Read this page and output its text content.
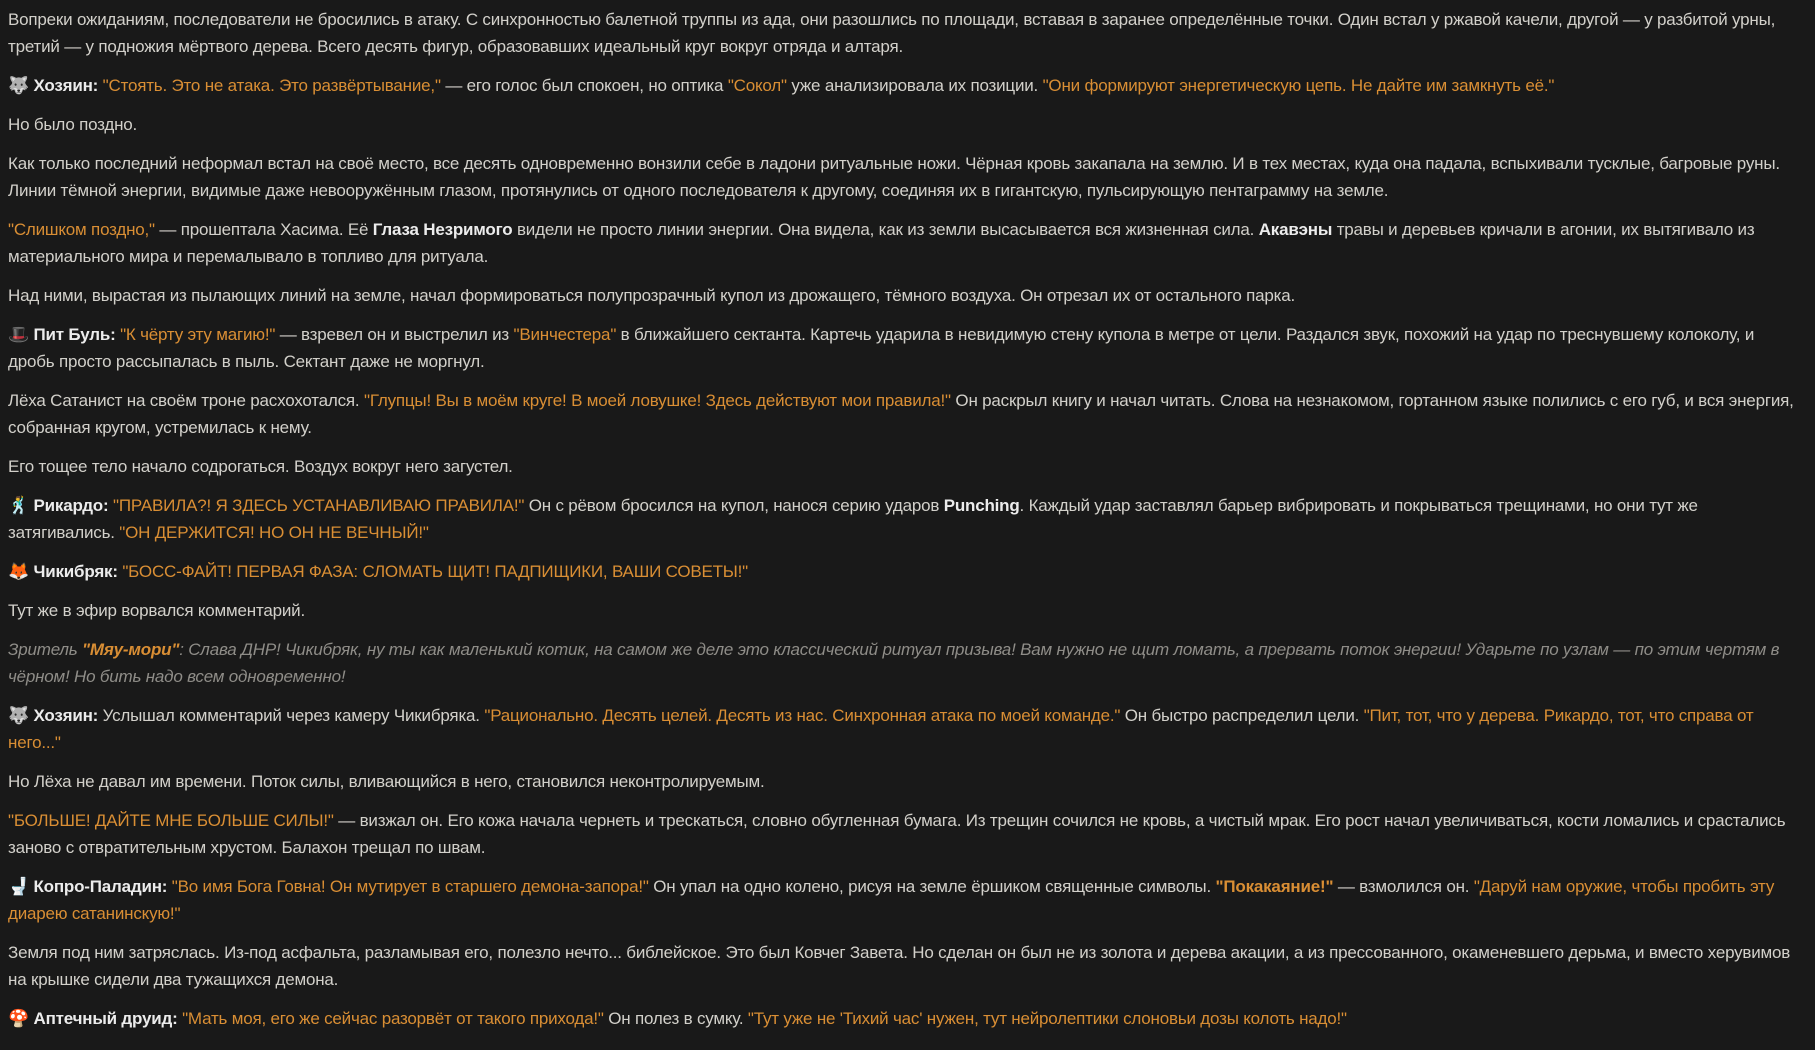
Вопреки ожиданиям, последователи не бросились в атаку. С синхронностью балетной труппы из ада, они разошлись по площади, вставая в заранее определённые точки. Один встал у ржавой качели, другой — у разбитой урны, третий — у подножия мёртвого дерева. Всего десять фигур, образовавших идеальный круг вокруг отряда и алтаря.

🐺 Хозяин: "Стоять. Это не атака. Это развёртывание," — его голос был спокоен, но оптика "Сокол" уже анализировала их позиции. "Они формируют энергетическую цепь. Не дайте им замкнуть её."

Но было поздно.

Как только последний неформал встал на своё место, все десять одновременно вонзили себе в ладони ритуальные ножи. Чёрная кровь закапала на землю. И в тех местах, куда она падала, вспыхивали тусклые, багровые руны. Линии тёмной энергии, видимые даже невооружённым глазом, протянулись от одного последователя к другому, соединяя их в гигантскую, пульсирующую пентаграмму на земле.

"Слишком поздно," — прошептала Хасима. Её Глаза Незримого видели не просто линии энергии. Она видела, как из земли высасывается вся жизненная сила. Акавэны травы и деревьев кричали в агонии, их вытягивало из материального мира и перемалывало в топливо для ритуала.

Над ними, вырастая из пылающих линий на земле, начал формироваться полупрозрачный купол из дрожащего, тёмного воздуха. Он отрезал их от остального парка.

🎩 Пит Буль: "К чёрту эту магию!" — взревел он и выстрелил из "Винчестера" в ближайшего сектанта. Картечь ударила в невидимую стену купола в метре от цели. Раздался звук, похожий на удар по треснувшему колоколу, и дробь просто рассыпалась в пыль. Сектант даже не моргнул.

Лёха Сатанист на своём троне расхохотался. "Глупцы! Вы в моём круге! В моей ловушке! Здесь действуют мои правила!" Он раскрыл книгу и начал читать. Слова на незнакомом, гортанном языке полились с его губ, и вся энергия, собранная кругом, устремилась к нему.

Его тощее тело начало содрогаться. Воздух вокруг него загустел.

🕺 Рикардо: "ПРАВИЛА?! Я ЗДЕСЬ УСТАНАВЛИВАЮ ПРАВИЛА!" Он с рёвом бросился на купол, нанося серию ударов Punching. Каждый удар заставлял барьер вибрировать и покрываться трещинами, но они тут же затягивались. "ОН ДЕРЖИТСЯ! НО ОН НЕ ВЕЧНЫЙ!"

🦊 Чикибряк: "БОСС-ФАЙТ! ПЕРВАЯ ФАЗА: СЛОМАТЬ ЩИТ! ПАДПИЩИКИ, ВАШИ СОВЕТЫ!"

Тут же в эфир ворвался комментарий.

Зритель "Мяу-мори": Слава ДНР! Чикибряк, ну ты как маленький котик, на самом же деле это классический ритуал призыва! Вам нужно не щит ломать, а прервать поток энергии! Ударьте по узлам — по этим чертям в чёрном! Но бить надо всем одновременно!

🐺 Хозяин: Услышал комментарий через камеру Чикибряка. "Рационально. Десять целей. Десять из нас. Синхронная атака по моей команде." Он быстро распределил цели. "Пит, тот, что у дерева. Рикардо, тот, что справа от него..."

Но Лёха не давал им времени. Поток силы, вливающийся в него, становился неконтролируемым.

"БОЛЬШЕ! ДАЙТЕ МНЕ БОЛЬШЕ СИЛЫ!" — визжал он. Его кожа начала чернеть и трескаться, словно обугленная бумага. Из трещин сочился не кровь, а чистый мрак. Его рост начал увеличиваться, кости ломались и срастались заново с отвратительным хрустом. Балахон трещал по швам.

🚽 Копро-Паладин: "Во имя Бога Говна! Он мутирует в старшего демона-запора!" Он упал на одно колено, рисуя на земле ёршиком священные символы. "Покакаяние!" — взмолился он. "Даруй нам оружие, чтобы пробить эту диарею сатанинскую!"

Земля под ним затряслась. Из-под асфальта, разламывая его, полезло нечто... библейское. Это был Ковчег Завета. Но сделан он был не из золота и дерева акации, а из прессованного, окаменевшего дерьма, и вместо херувимов на крышке сидели два тужащихся демона.

🍄 Аптечный друид: "Мать моя, его же сейчас разорвёт от такого прихода!" Он полез в сумку. "Тут уже не 'Тихий час' нужен, тут нейролептики слоновьи дозы колоть надо!"
